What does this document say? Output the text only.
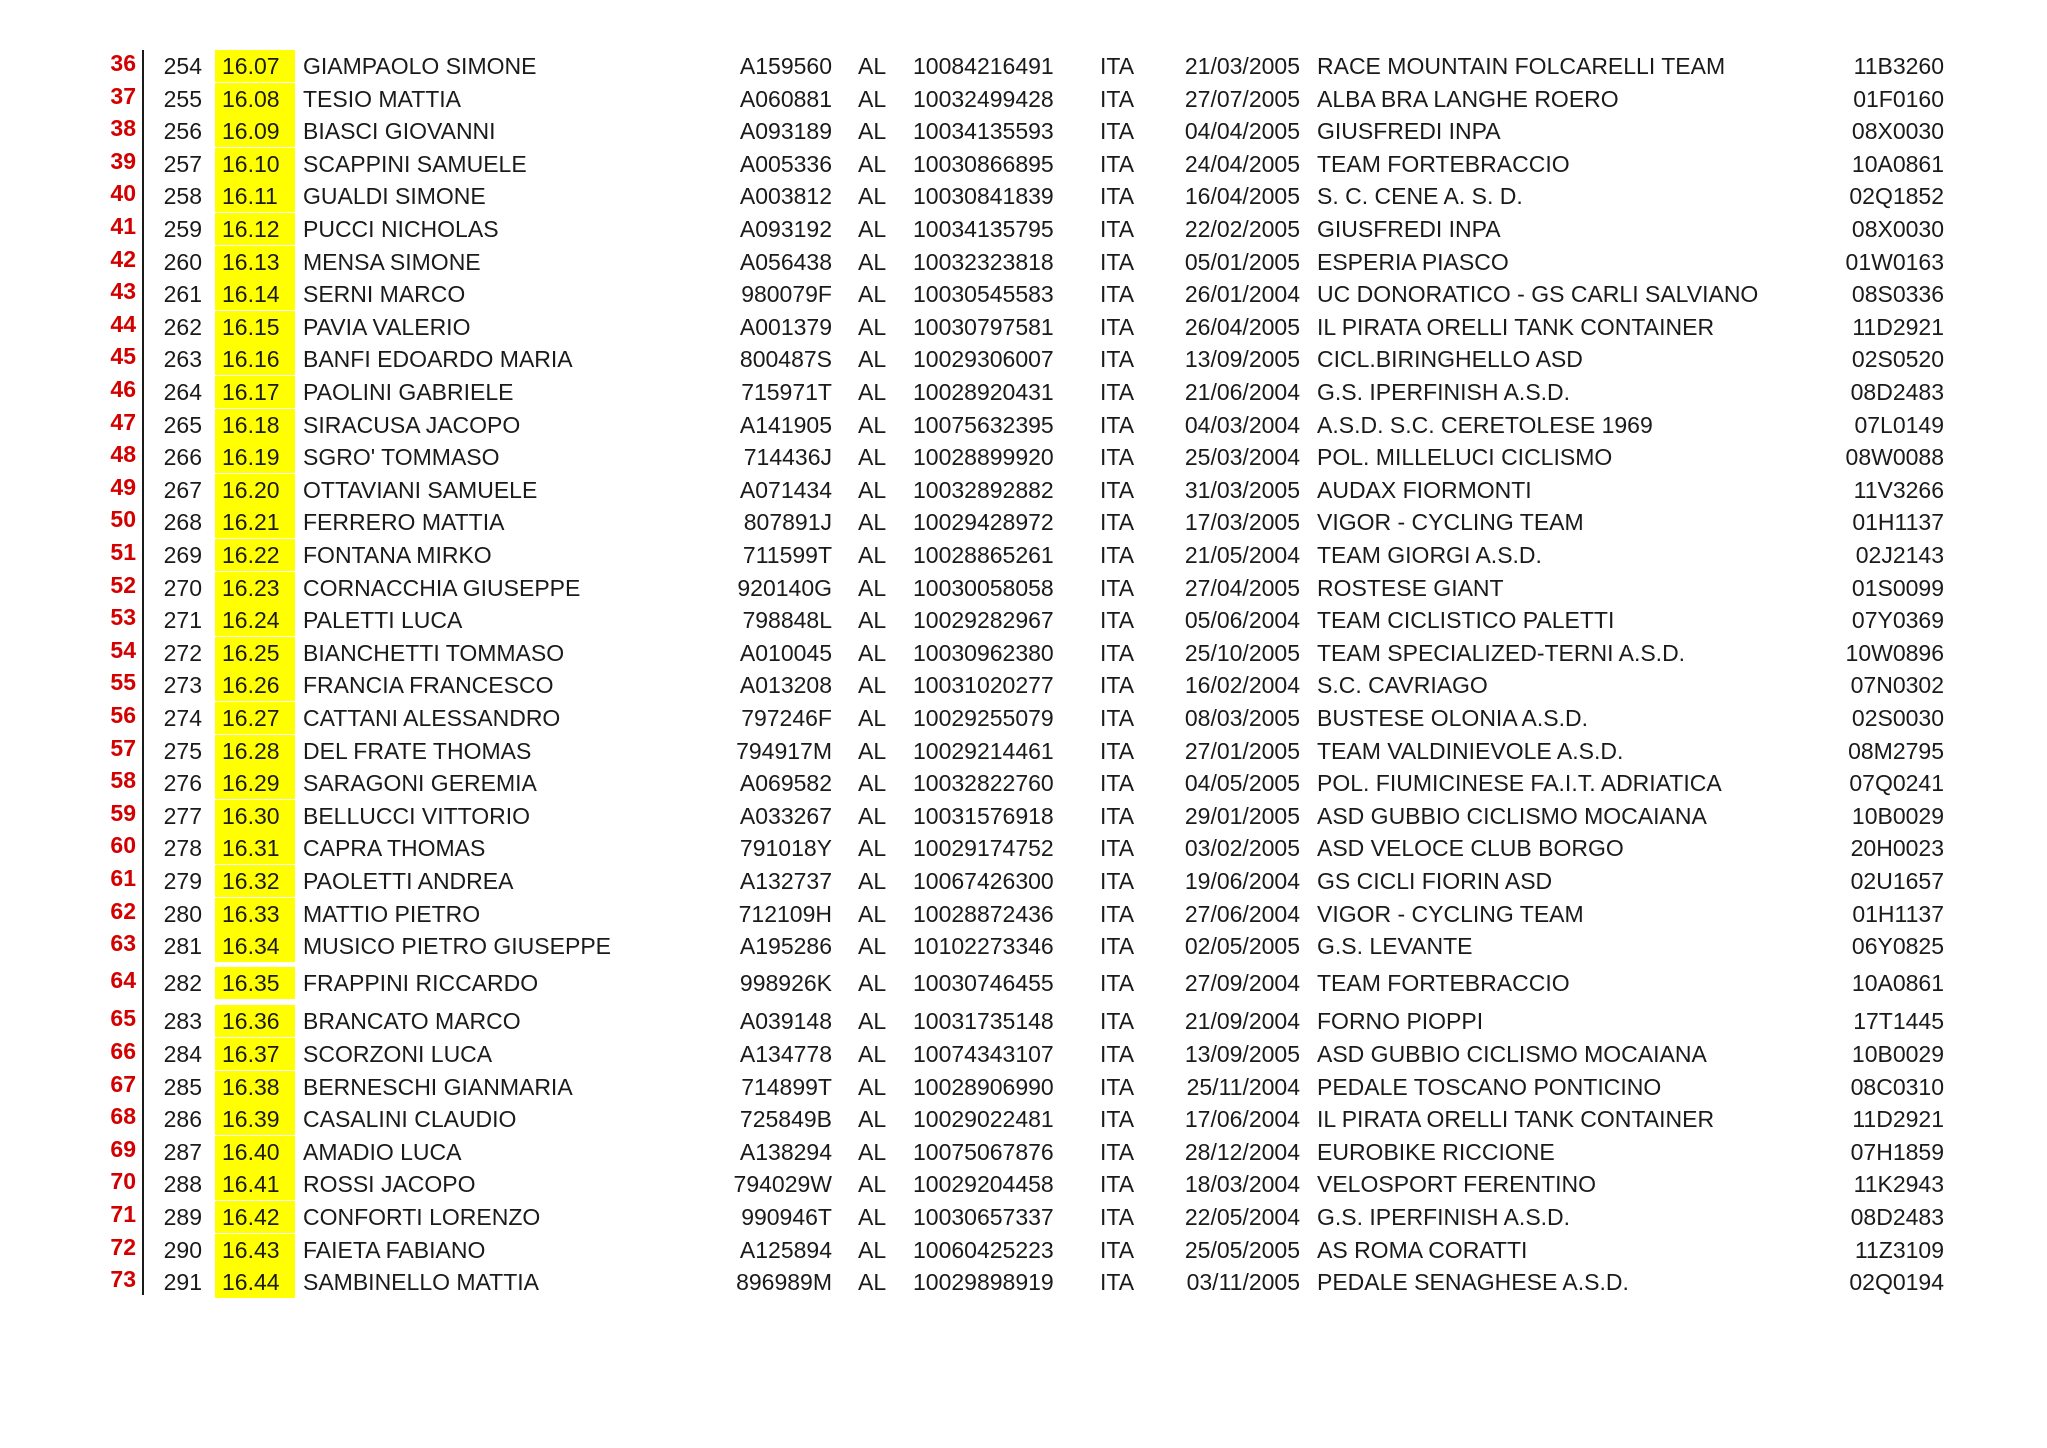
36	254 16.07	GIAMPAOLO SIMONE	A159560 AL 10084216491 ITA	21/03/2005 RACE MOUNTAIN FOLCARELLI TEAM	11B3260
37	255 16.08	TESIO MATTIA	A060881 AL 10032499428 ITA	27/07/2005 ALBA BRA LANGHE ROERO	01F0160
38	256 16.09	BIASCI GIOVANNI	A093189 AL 10034135593 ITA	04/04/2005 GIUSFREDI INPA	08X0030
39	257 16.10	SCAPPINI SAMUELE	A005336 AL 10030866895 ITA	24/04/2005 TEAM FORTEBRACCIO	10A0861
40	258 16.11	GUALDI SIMONE	A003812 AL 10030841839 ITA	16/04/2005 S. C. CENE A. S. D.	02Q1852
41	259 16.12	PUCCI NICHOLAS	A093192 AL 10034135795 ITA	22/02/2005 GIUSFREDI INPA	08X0030
42	260 16.13	MENSA SIMONE	A056438 AL 10032323818 ITA	05/01/2005 ESPERIA PIASCO	01W0163
43	261 16.14	SERNI MARCO	980079F AL 10030545583 ITA	26/01/2004 UC DONORATICO - GS CARLI SALVIANO	08S0336
44	262 16.15	PAVIA VALERIO	A001379 AL 10030797581 ITA	26/04/2005 IL PIRATA ORELLI TANK CONTAINER	11D2921
45	263 16.16	BANFI EDOARDO MARIA	800487S AL 10029306007 ITA	13/09/2005 CICL.BIRINGHELLO ASD	02S0520
46	264 16.17	PAOLINI GABRIELE	715971T AL 10028920431 ITA	21/06/2004 G.S. IPERFINISH A.S.D.	08D2483
47	265 16.18	SIRACUSA JACOPO	A141905 AL 10075632395 ITA	04/03/2004 A.S.D. S.C. CERETOLESE 1969	07L0149
48	266 16.19	SGRO' TOMMASO	714436J AL 10028899920 ITA	25/03/2004 POL. MILLELUCI CICLISMO	08W0088
49	267 16.20	OTTAVIANI SAMUELE	A071434 AL 10032892882 ITA	31/03/2005 AUDAX FIORMONTI	11V3266
50	268 16.21	FERRERO MATTIA	807891J AL 10029428972 ITA	17/03/2005 VIGOR - CYCLING TEAM	01H1137
51	269 16.22	FONTANA MIRKO	711599T AL 10028865261 ITA	21/05/2004 TEAM GIORGI A.S.D.	02J2143
52	270 16.23	CORNACCHIA GIUSEPPE	920140G AL 10030058058 ITA	27/04/2005 ROSTESE GIANT	01S0099
53	271 16.24	PALETTI LUCA	798848L AL 10029282967 ITA	05/06/2004 TEAM CICLISTICO PALETTI	07Y0369
54	272 16.25	BIANCHETTI TOMMASO	A010045 AL 10030962380 ITA	25/10/2005 TEAM SPECIALIZED-TERNI A.S.D.	10W0896
55	273 16.26	FRANCIA FRANCESCO	A013208 AL 10031020277 ITA	16/02/2004 S.C. CAVRIAGO	07N0302
56	274 16.27	CATTANI ALESSANDRO	797246F AL 10029255079 ITA	08/03/2005 BUSTESE OLONIA A.S.D.	02S0030
57	275 16.28	DEL FRATE THOMAS	794917M AL 10029214461 ITA	27/01/2005 TEAM VALDINIEVOLE A.S.D.	08M2795
58	276 16.29	SARAGONI GEREMIA	A069582 AL 10032822760 ITA	04/05/2005 POL. FIUMICINESE FA.I.T. ADRIATICA	07Q0241
59	277 16.30	BELLUCCI VITTORIO	A033267 AL 10031576918 ITA	29/01/2005 ASD GUBBIO CICLISMO MOCAIANA	10B0029
60	278 16.31	CAPRA THOMAS	791018Y AL 10029174752 ITA	03/02/2005 ASD VELOCE CLUB BORGO	20H0023
61	279 16.32	PAOLETTI ANDREA	A132737 AL 10067426300 ITA	19/06/2004 GS CICLI FIORIN ASD	02U1657
62	280 16.33	MATTIO PIETRO	712109H AL 10028872436 ITA	27/06/2004 VIGOR - CYCLING TEAM	01H1137
63	281 16.34	MUSICO PIETRO GIUSEPPE	A195286 AL 10102273346 ITA	02/05/2005 G.S. LEVANTE	06Y0825
64	282 16.35	FRAPPINI RICCARDO	998926K AL 10030746455 ITA	27/09/2004 TEAM FORTEBRACCIO	10A0861
65	283 16.36	BRANCATO MARCO	A039148 AL 10031735148 ITA	21/09/2004 FORNO PIOPPI	17T1445
66	284 16.37	SCORZONI LUCA	A134778 AL 10074343107 ITA	13/09/2005 ASD GUBBIO CICLISMO MOCAIANA	10B0029
67	285 16.38	BERNESCHI GIANMARIA	714899T AL 10028906990 ITA	25/11/2004 PEDALE TOSCANO PONTICINO	08C0310
68	286 16.39	CASALINI CLAUDIO	725849B AL 10029022481 ITA	17/06/2004 IL PIRATA ORELLI TANK CONTAINER	11D2921
69	287 16.40	AMADIO LUCA	A138294 AL 10075067876 ITA	28/12/2004 EUROBIKE RICCIONE	07H1859
70	288 16.41	ROSSI JACOPO	794029W AL 10029204458 ITA	18/03/2004 VELOSPORT FERENTINO	11K2943
71	289 16.42	CONFORTI LORENZO	990946T AL 10030657337 ITA	22/05/2004 G.S. IPERFINISH A.S.D.	08D2483
72	290 16.43	FAIETA FABIANO	A125894 AL 10060425223 ITA	25/05/2005 AS ROMA CORATTI	11Z3109
73	291 16.44	SAMBINELLO MATTIA	896989M AL 10029898919 ITA	03/11/2005 PEDALE SENAGHESE A.S.D.	02Q0194
